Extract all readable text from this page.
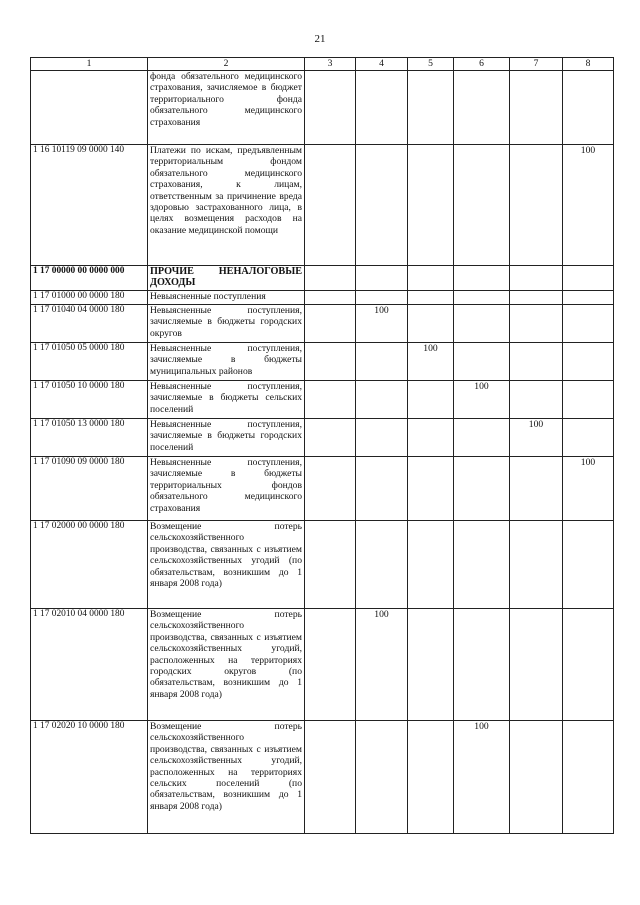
21
1	2	3	4	5	6	7	8
	фонда обязательного медицинского страхования, зачисляемое в бюджет территориального фонда обязательного медицинского страхования						
1 16 10119 09 0000 140	Платежи по искам, предъявленным территориальным фондом обязательного медицинского страхования, к лицам, ответственным за причинение вреда здоровью застрахованного лица, в целях возмещения расходов на оказание медицинской помощи						100
1 17 00000 00 0000 000	ПРОЧИЕ НЕНАЛОГОВЫЕ ДОХОДЫ						
1 17 01000 00 0000 180	Невыясненные поступления						
1 17 01040 04 0000 180	Невыясненные поступления, зачисляемые в бюджеты городских округов		100				
1 17 01050 05 0000 180	Невыясненные поступления, зачисляемые в бюджеты муниципальных районов			100			
1 17 01050 10 0000 180	Невыясненные поступления, зачисляемые в бюджеты сельских поселений				100		
1 17 01050 13 0000 180	Невыясненные поступления, зачисляемые в бюджеты городских поселений					100	
1 17 01090 09 0000 180	Невыясненные поступления, зачисляемые в бюджеты территориальных фондов обязательного медицинского страхования						100
1 17 02000 00 0000 180	Возмещение потерь сельскохозяйственного производства, связанных с изъятием сельскохозяйственных угодий (по обязательствам, возникшим до 1 января 2008 года)						
1 17 02010 04 0000 180	Возмещение потерь сельскохозяйственного производства, связанных с изъятием сельскохозяйственных угодий, расположенных на территориях городских округов (по обязательствам, возникшим до 1 января 2008 года)		100				
1 17 02020 10 0000 180	Возмещение потерь сельскохозяйственного производства, связанных с изъятием сельскохозяйственных угодий, расположенных на территориях сельских поселений (по обязательствам, возникшим до 1 января 2008 года)				100		
